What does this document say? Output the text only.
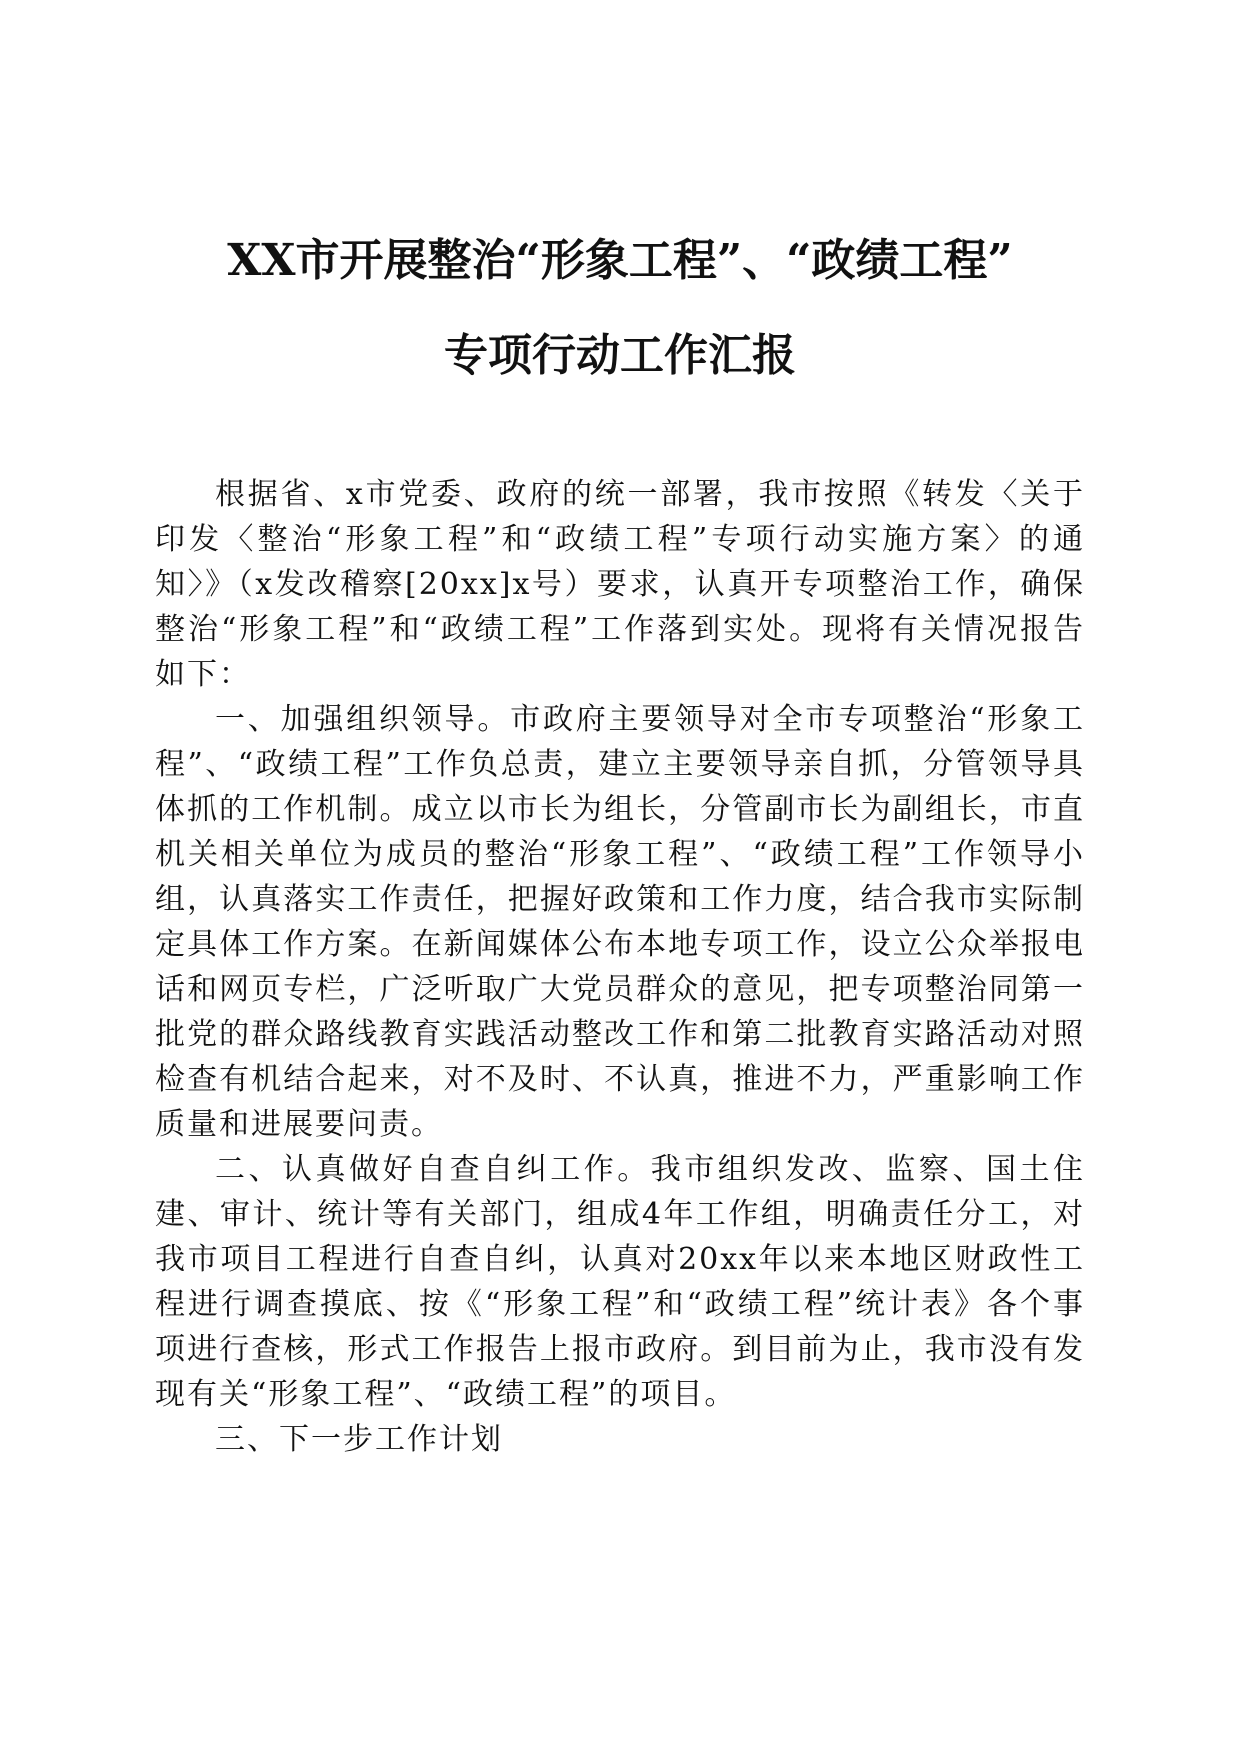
XX市开展整治“形象工程”、“政绩工程”
专项行动工作汇报

根据省、x市党委、政府的统一部署，我市按照《转发〈关于印发〈整治“形象工程”和“政绩工程”专项行动实施方案〉的通知〉》（x发改稽察[20xx]x号）要求，认真开专项整治工作，确保整治“形象工程”和“政绩工程”工作落到实处。现将有关情况报告如下：

一、加强组织领导。市政府主要领导对全市专项整治“形象工程”、“政绩工程”工作负总责，建立主要领导亲自抓，分管领导具体抓的工作机制。成立以市长为组长，分管副市长为副组长，市直机关相关单位为成员的整治“形象工程”、“政绩工程”工作领导小组，认真落实工作责任，把握好政策和工作力度，结合我市实际制定具体工作方案。在新闻媒体公布本地专项工作，设立公众举报电话和网页专栏，广泛听取广大党员群众的意见，把专项整治同第一批党的群众路线教育实践活动整改工作和第二批教育实路活动对照检查有机结合起来，对不及时、不认真，推进不力，严重影响工作质量和进展要问责。

二、认真做好自查自纠工作。我市组织发改、监察、国土住建、审计、统计等有关部门，组成4年工作组，明确责任分工，对我市项目工程进行自查自纠，认真对20xx年以来本地区财政性工程进行调查摸底、按《“形象工程”和“政绩工程”统计表》各个事项进行查核，形式工作报告上报市政府。到目前为止，我市没有发现有关“形象工程”、“政绩工程”的项目。

三、下一步工作计划
